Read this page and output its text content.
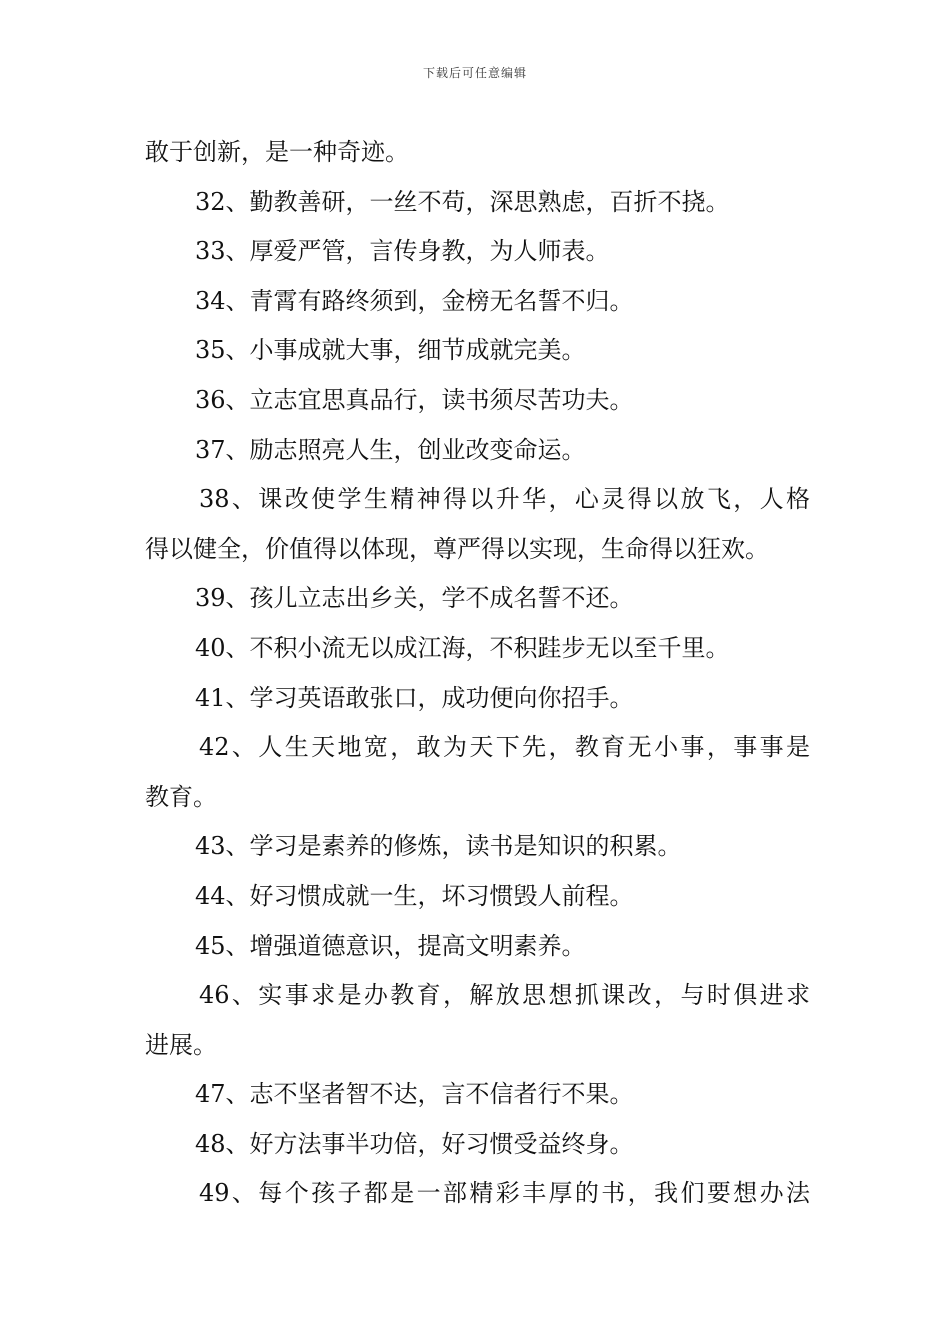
下载后可任意编辑
敢于创新，是一种奇迹。
32、勤教善研，一丝不苟，深思熟虑，百折不挠。
33、厚爱严管，言传身教，为人师表。
34、青霄有路终须到，金榜无名誓不归。
35、小事成就大事，细节成就完美。
36、立志宜思真品行，读书须尽苦功夫。
37、励志照亮人生，创业改变命运。
38、课改使学生精神得以升华，心灵得以放飞，人格
得以健全，价值得以体现，尊严得以实现，生命得以狂欢。
39、孩儿立志出乡关，学不成名誓不还。
40、不积小流无以成江海，不积跬步无以至千里。
41、学习英语敢张口，成功便向你招手。
42、人生天地宽，敢为天下先，教育无小事，事事是
教育。
43、学习是素养的修炼，读书是知识的积累。
44、好习惯成就一生，坏习惯毁人前程。
45、增强道德意识，提高文明素养。
46、实事求是办教育，解放思想抓课改，与时俱进求
进展。
47、志不坚者智不达，言不信者行不果。
48、好方法事半功倍，好习惯受益终身。
49、每个孩子都是一部精彩丰厚的书，我们要想办法
